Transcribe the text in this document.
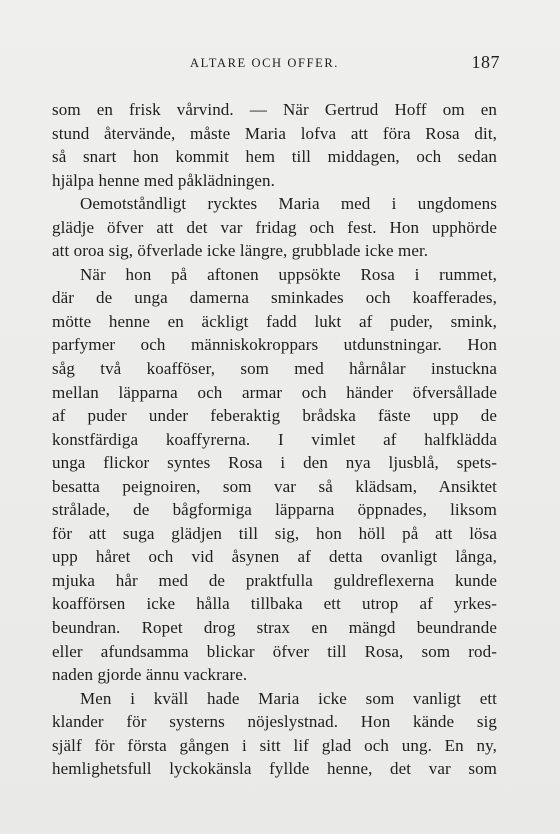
ALTARE OCH OFFER.	187
som en frisk vårvind. — När Gertrud Hoff om en
stund återvände, måste Maria lofva att föra Rosa dit,
så snart hon kommit hem till middagen, och sedan
hjälpa henne med påklädningen.
Oemotståndligt rycktes Maria med i ungdomens
glädje öfver att det var fridag och fest. Hon upphörde
att oroa sig, öfverlade icke längre, grubblade icke mer.
När hon på aftonen uppsökte Rosa i rummet,
där de unga damerna sminkades och koafferades,
mötte henne en äckligt fadd lukt af puder, smink,
parfymer och människokroppars utdunstningar. Hon
såg två koafföser, som med hårnålar instuckna
mellan läpparna och armar och händer öfversållade
af puder under feberaktig brådska fäste upp de
konstfärdiga koaffyrerna. I vimlet af halfklädda
unga flickor syntes Rosa i den nya ljusblå, spets-
besatta peignoiren, som var så klädsam, Ansiktet
strålade, de bågformiga läpparna öppnades, liksom
för att suga glädjen till sig, hon höll på att lösa
upp håret och vid åsynen af detta ovanligt långa,
mjuka hår med de praktfulla guldreflexerna kunde
koafförsen icke hålla tillbaka ett utrop af yrkes-
beundran. Ropet drog strax en mängd beundrande
eller afundsamma blickar öfver till Rosa, som rod-
naden gjorde ännu vackrare.
Men i kväll hade Maria icke som vanligt ett
klander för systerns nöjeslystnad. Hon kände sig
själf för första gången i sitt lif glad och ung. En ny,
hemlighetsfull lyckokänsla fyllde henne, det var som
